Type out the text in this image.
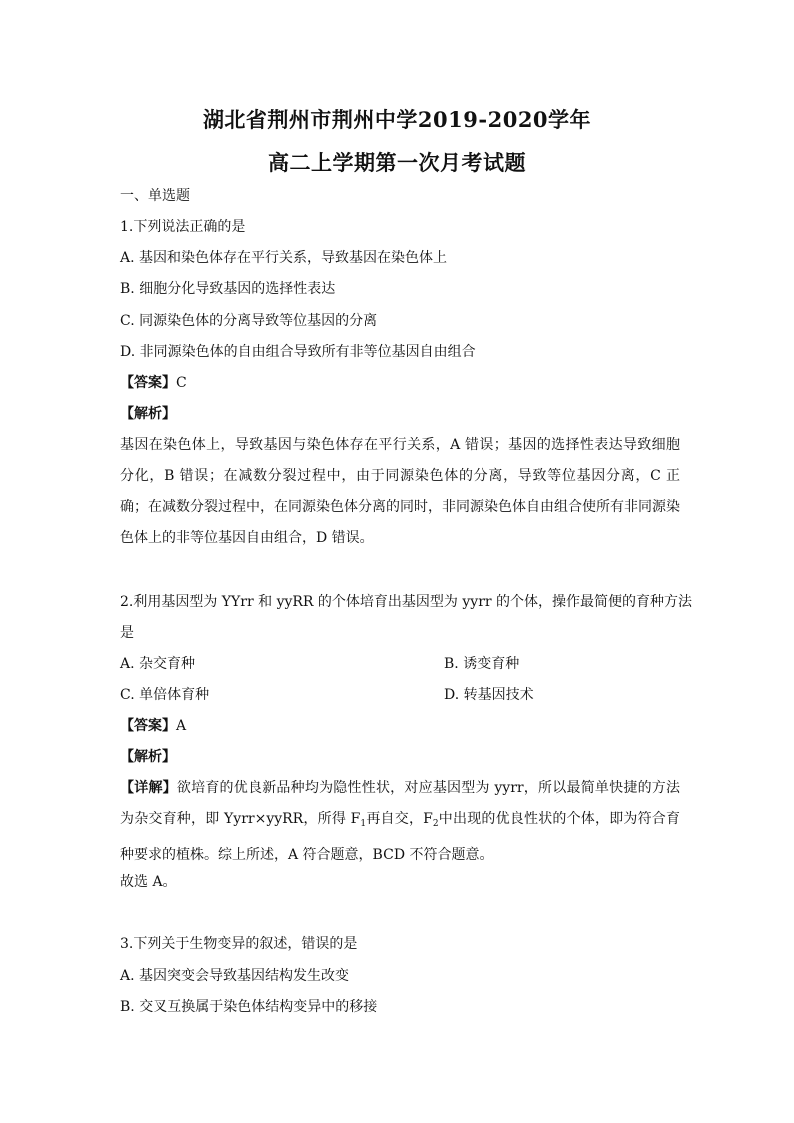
湖北省荆州市荆州中学2019-2020学年
高二上学期第一次月考试题
一、单选题
1.下列说法正确的是
A. 基因和染色体存在平行关系，导致基因在染色体上
B. 细胞分化导致基因的选择性表达
C. 同源染色体的分离导致等位基因的分离
D. 非同源染色体的自由组合导致所有非等位基因自由组合
【答案】C
【解析】
基因在染色体上，导致基因与染色体存在平行关系，A 错误；基因的选择性表达导致细胞分化，B 错误；在减数分裂过程中，由于同源染色体的分离，导致等位基因分离，C 正确；在减数分裂过程中，在同源染色体分离的同时，非同源染色体自由组合使所有非同源染色体上的非等位基因自由组合，D 错误。
2.利用基因型为 YYrr 和 yyRR 的个体培育出基因型为 yyrr 的个体，操作最简便的育种方法
是
A. 杂交育种	B. 诱变育种
C. 单倍体育种	D. 转基因技术
【答案】A
【解析】
【详解】欲培育的优良新品种均为隐性性状，对应基因型为 yyrr，所以最简单快捷的方法为杂交育种，即 Yyrr×yyRR，所得 $F_1$再自交，$F_2$中出现的优良性状的个体，即为符合育种要求的植株。综上所述，A 符合题意，BCD 不符合题意。
故选 A。
3.下列关于生物变异的叙述，错误的是
A. 基因突变会导致基因结构发生改变
B. 交叉互换属于染色体结构变异中的移接
